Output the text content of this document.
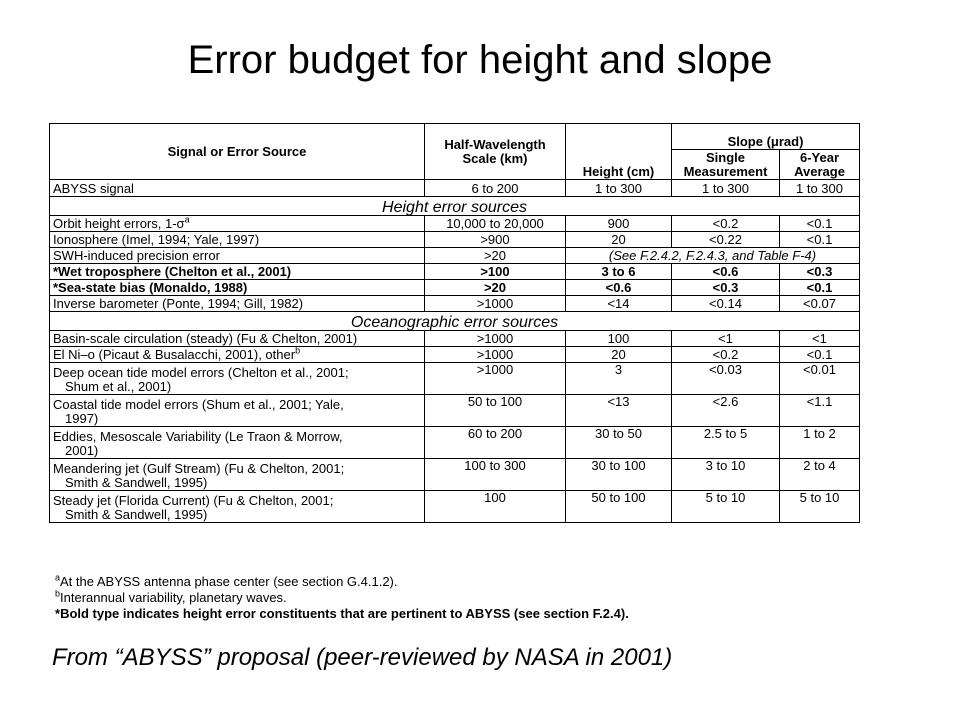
Error budget for height and slope
Signal or Error Source	Half-Wavelength Scale (km)	Height (cm)	Slope (μrad)	
			Single Measurement	6-Year Average

ABYSS signal	6 to 200	1 to 300	1 to 300	1 to 300
Height error sources				
Orbit height errors, $1-\sigma^a$	10,000 to 20,000	900	<0.2	<0.1
Ionosphere (Imel, 1994; Yale, 1997)	>900	20	<0.22	<0.1
SWH-induced precision error	>20	(See F.2.4.2, F.2.4.3, and Table F-4)		
*Wet troposphere (Chelton et al., 2001)	>100	3 to 6	<0.6	<0.3
*Sea-state bias (Monaldo, 1988)	>20	<0.6	<0.3	<0.1
Inverse barometer (Ponte, 1994; Gill, 1982)	>1000	<14	<0.14	<0.07
Oceanographic error sources				
Basin-scale circulation (steady) (Fu & Chelton, 2001)	>1000	100	<1	<1
El Ni–o (Picaut & Busalacchi, 2001), other$^b$	>1000	20	<0.2	<0.1
Deep ocean tide model errors (Chelton et al., 2001;
Shum et al., 2001)	>1000	3	<0.03	<0.01
Coastal tide model errors (Shum et al., 2001; Yale,
1997)	50 to 100	<13	<2.6	<1.1
Eddies, Mesoscale Variability (Le Traon & Morrow,
2001)	60 to 200	30 to 50	2.5 to 5	1 to 2
Meandering jet (Gulf Stream) (Fu & Chelton, 2001;
Smith & Sandwell, 1995)	100 to 300	30 to 100	3 to 10	2 to 4
Steady jet (Florida Current) (Fu & Chelton, 2001;
Smith & Sandwell, 1995)	100	50 to 100	5 to 10	5 to 10
$^a$At the ABYSS antenna phase center (see section G.4.1.2).
$^b$Interannual variability, planetary waves.
*Bold type indicates height error constituents that are pertinent to ABYSS (see section F.2.4).
From “ABYSS” proposal (peer-reviewed by NASA in 2001)
